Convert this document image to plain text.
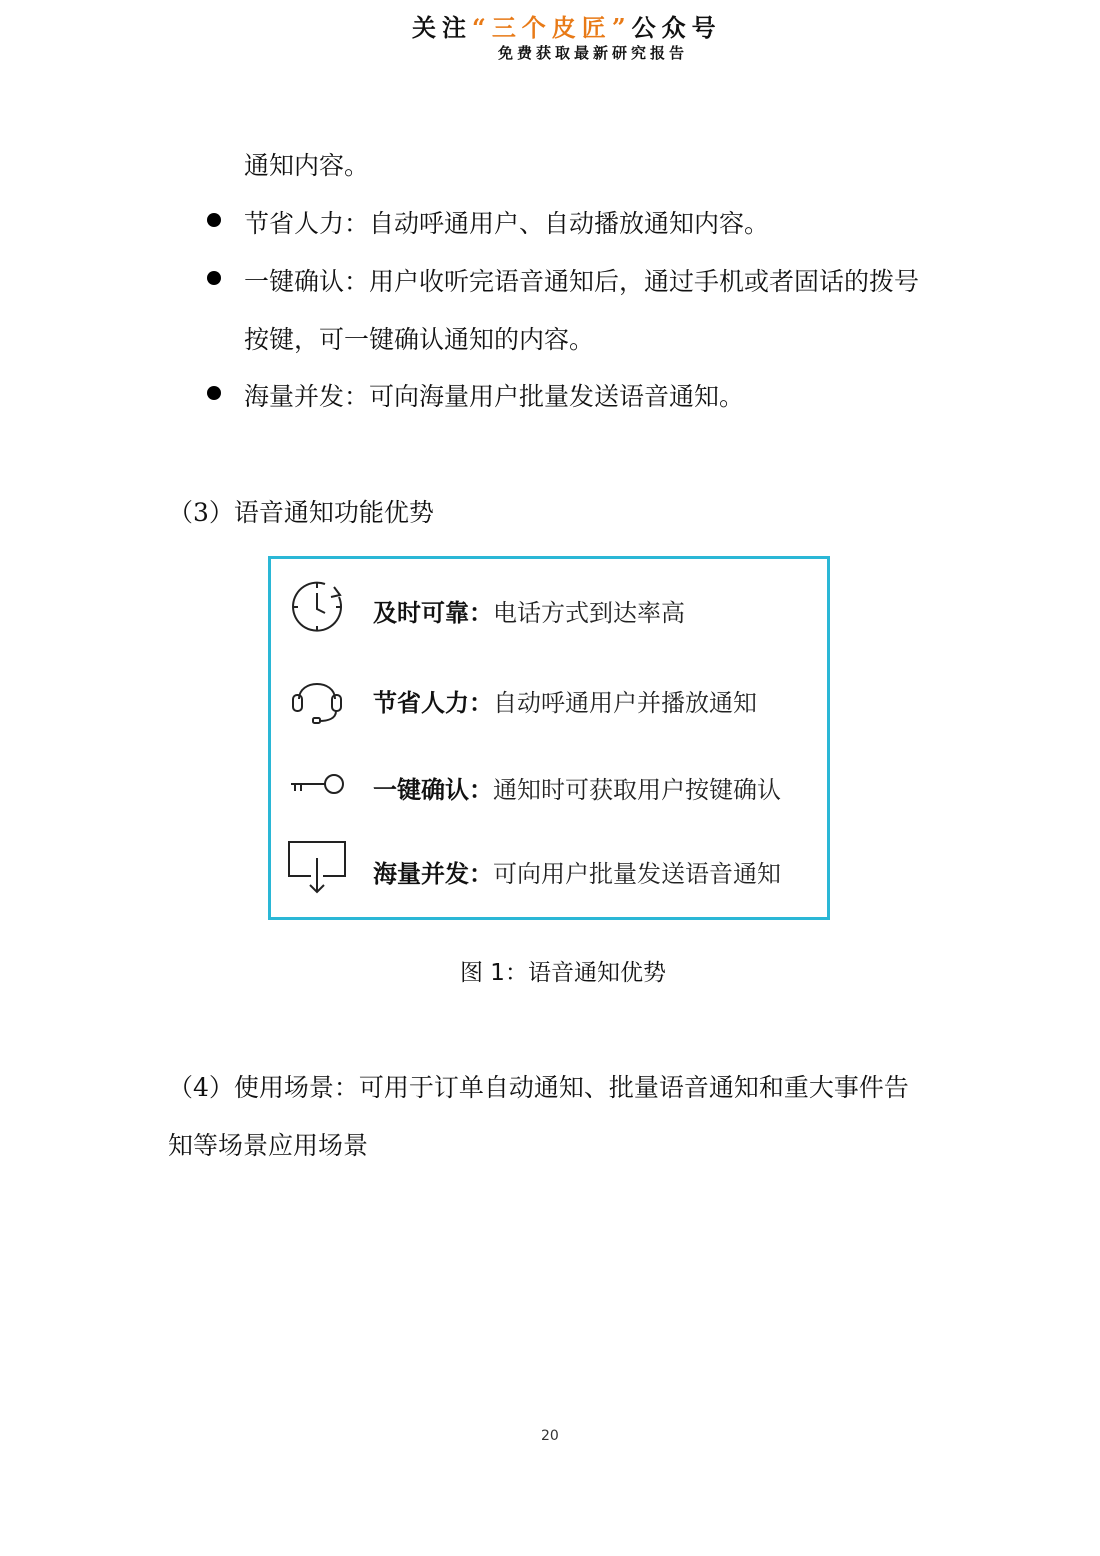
关注“三个皮匠”公众号
免费获取最新研究报告
通知内容。
节省人力：自动呼通用户、自动播放通知内容。
一键确认：用户收听完语音通知后，通过手机或者固话的拨号
按键，可一键确认通知的内容。
海量并发：可向海量用户批量发送语音通知。
（3）语音通知功能优势
及时可靠：电话方式到达率高
节省人力：自动呼通用户并播放通知
一键确认：通知时可获取用户按键确认
海量并发：可向用户批量发送语音通知
图 1：语音通知优势
（4）使用场景：可用于订单自动通知、批量语音通知和重大事件告
知等场景应用场景
20
